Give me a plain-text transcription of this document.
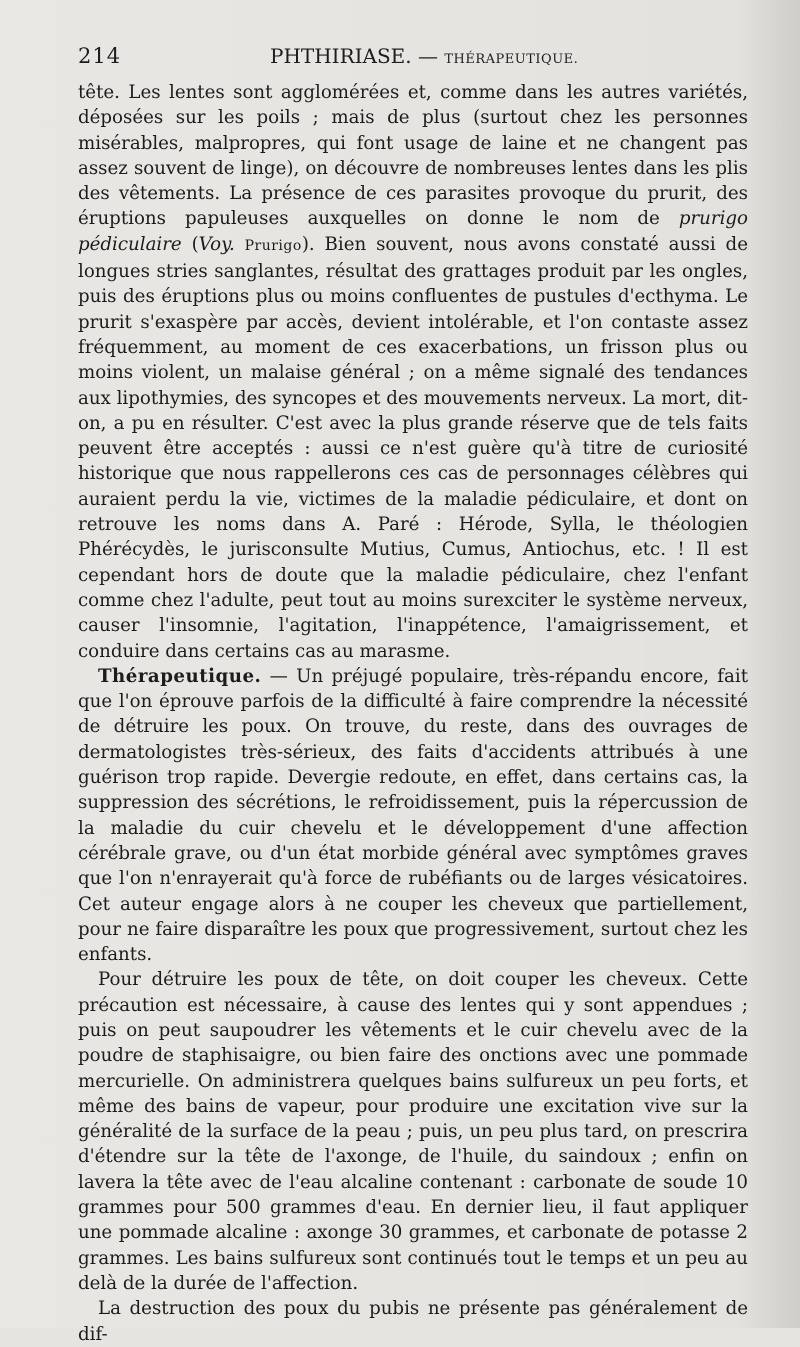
214	PHTHIRIASE. — THÉRAPEUTIQUE.

tête. Les lentes sont agglomérées et, comme dans les autres variétés, déposées sur les poils ; mais de plus (surtout chez les personnes misérables, malpropres, qui font usage de laine et ne changent pas assez souvent de linge), on découvre de nombreuses lentes dans les plis des vêtements. La présence de ces parasites provoque du prurit, des éruptions papuleuses auxquelles on donne le nom de prurigo pédiculaire (Voy. Prurigo). Bien souvent, nous avons constaté aussi de longues stries sanglantes, résultat des grattages produit par les ongles, puis des éruptions plus ou moins confluentes de pustules d'ecthyma. Le prurit s'exaspère par accès, devient intolérable, et l'on contaste assez fréquemment, au moment de ces exacerbations, un frisson plus ou moins violent, un malaise général ; on a même signalé des tendances aux lipothymies, des syncopes et des mouvements nerveux. La mort, dit-on, a pu en résulter. C'est avec la plus grande réserve que de tels faits peuvent être acceptés : aussi ce n'est guère qu'à titre de curiosité historique que nous rappellerons ces cas de personnages célèbres qui auraient perdu la vie, victimes de la maladie pédiculaire, et dont on retrouve les noms dans A. Paré : Hérode, Sylla, le théologien Phérécydès, le jurisconsulte Mutius, Cumus, Antiochus, etc. ! Il est cependant hors de doute que la maladie pédiculaire, chez l'enfant comme chez l'adulte, peut tout au moins surexciter le système nerveux, causer l'insomnie, l'agitation, l'inappétence, l'amaigrissement, et conduire dans certains cas au marasme.

Thérapeutique. — Un préjugé populaire, très-répandu encore, fait que l'on éprouve parfois de la difficulté à faire comprendre la nécessité de détruire les poux. On trouve, du reste, dans des ouvrages de dermatologistes très-sérieux, des faits d'accidents attribués à une guérison trop rapide. Devergie redoute, en effet, dans certains cas, la suppression des sécrétions, le refroidissement, puis la répercussion de la maladie du cuir chevelu et le développement d'une affection cérébrale grave, ou d'un état morbide général avec symptômes graves que l'on n'enrayerait qu'à force de rubéfiants ou de larges vésicatoires. Cet auteur engage alors à ne couper les cheveux que partiellement, pour ne faire disparaître les poux que progressivement, surtout chez les enfants.

Pour détruire les poux de tête, on doit couper les cheveux. Cette précaution est nécessaire, à cause des lentes qui y sont appendues ; puis on peut saupoudrer les vêtements et le cuir chevelu avec de la poudre de staphisaigre, ou bien faire des onctions avec une pommade mercurielle. On administrera quelques bains sulfureux un peu forts, et même des bains de vapeur, pour produire une excitation vive sur la généralité de la surface de la peau ; puis, un peu plus tard, on prescrira d'étendre sur la tête de l'axonge, de l'huile, du saindoux ; enfin on lavera la tête avec de l'eau alcaline contenant : carbonate de soude 10 grammes pour 500 grammes d'eau. En dernier lieu, il faut appliquer une pommade alcaline : axonge 30 grammes, et carbonate de potasse 2 grammes. Les bains sulfureux sont continués tout le temps et un peu au delà de la durée de l'affection.

La destruction des poux du pubis ne présente pas généralement de dif-
